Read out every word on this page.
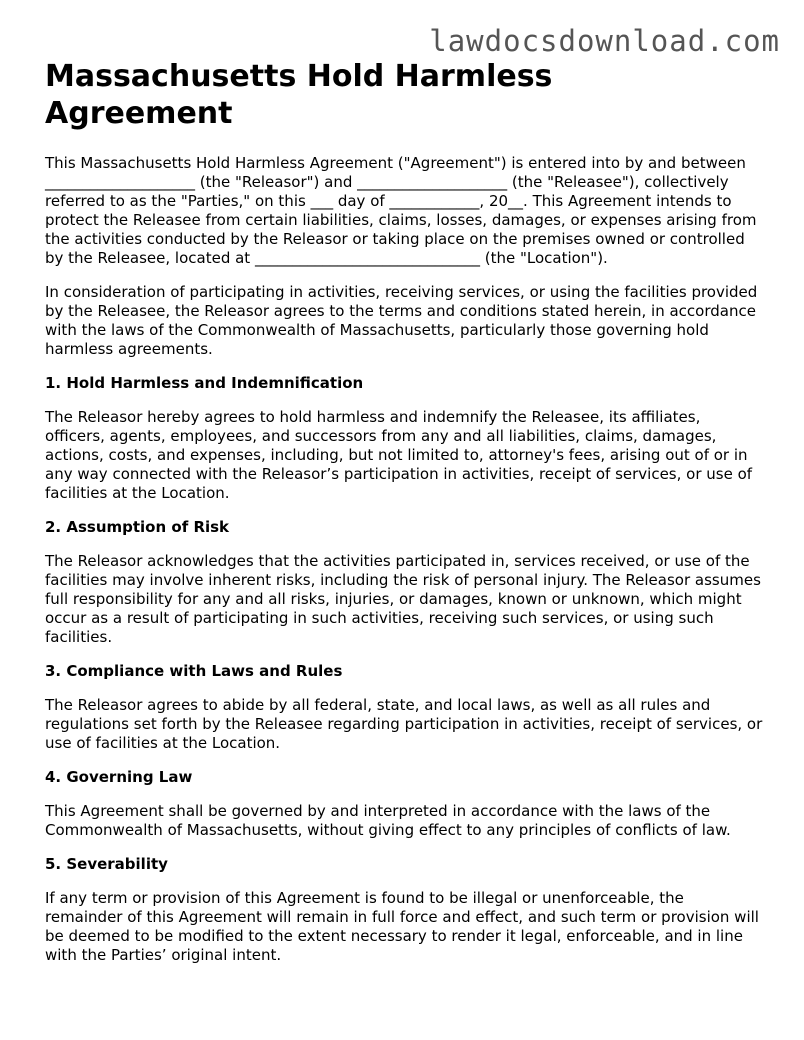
lawdocsdownload.com
Massachusetts Hold Harmless Agreement

This Massachusetts Hold Harmless Agreement ("Agreement") is entered into by and between ____________________ (the "Releasor") and ____________________ (the "Releasee"), collectively referred to as the "Parties," on this ___ day of ____________, 20__. This Agreement intends to protect the Releasee from certain liabilities, claims, losses, damages, or expenses arising from the activities conducted by the Releasor or taking place on the premises owned or controlled by the Releasee, located at ______________________________ (the "Location").

In consideration of participating in activities, receiving services, or using the facilities provided by the Releasee, the Releasor agrees to the terms and conditions stated herein, in accordance with the laws of the Commonwealth of Massachusetts, particularly those governing hold harmless agreements.

1. Hold Harmless and Indemnification

The Releasor hereby agrees to hold harmless and indemnify the Releasee, its affiliates, officers, agents, employees, and successors from any and all liabilities, claims, damages, actions, costs, and expenses, including, but not limited to, attorney's fees, arising out of or in any way connected with the Releasor’s participation in activities, receipt of services, or use of facilities at the Location.

2. Assumption of Risk

The Releasor acknowledges that the activities participated in, services received, or use of the facilities may involve inherent risks, including the risk of personal injury. The Releasor assumes full responsibility for any and all risks, injuries, or damages, known or unknown, which might occur as a result of participating in such activities, receiving such services, or using such facilities.

3. Compliance with Laws and Rules

The Releasor agrees to abide by all federal, state, and local laws, as well as all rules and regulations set forth by the Releasee regarding participation in activities, receipt of services, or use of facilities at the Location.

4. Governing Law

This Agreement shall be governed by and interpreted in accordance with the laws of the Commonwealth of Massachusetts, without giving effect to any principles of conflicts of law.

5. Severability

If any term or provision of this Agreement is found to be illegal or unenforceable, the remainder of this Agreement will remain in full force and effect, and such term or provision will be deemed to be modified to the extent necessary to render it legal, enforceable, and in line with the Parties’ original intent.
